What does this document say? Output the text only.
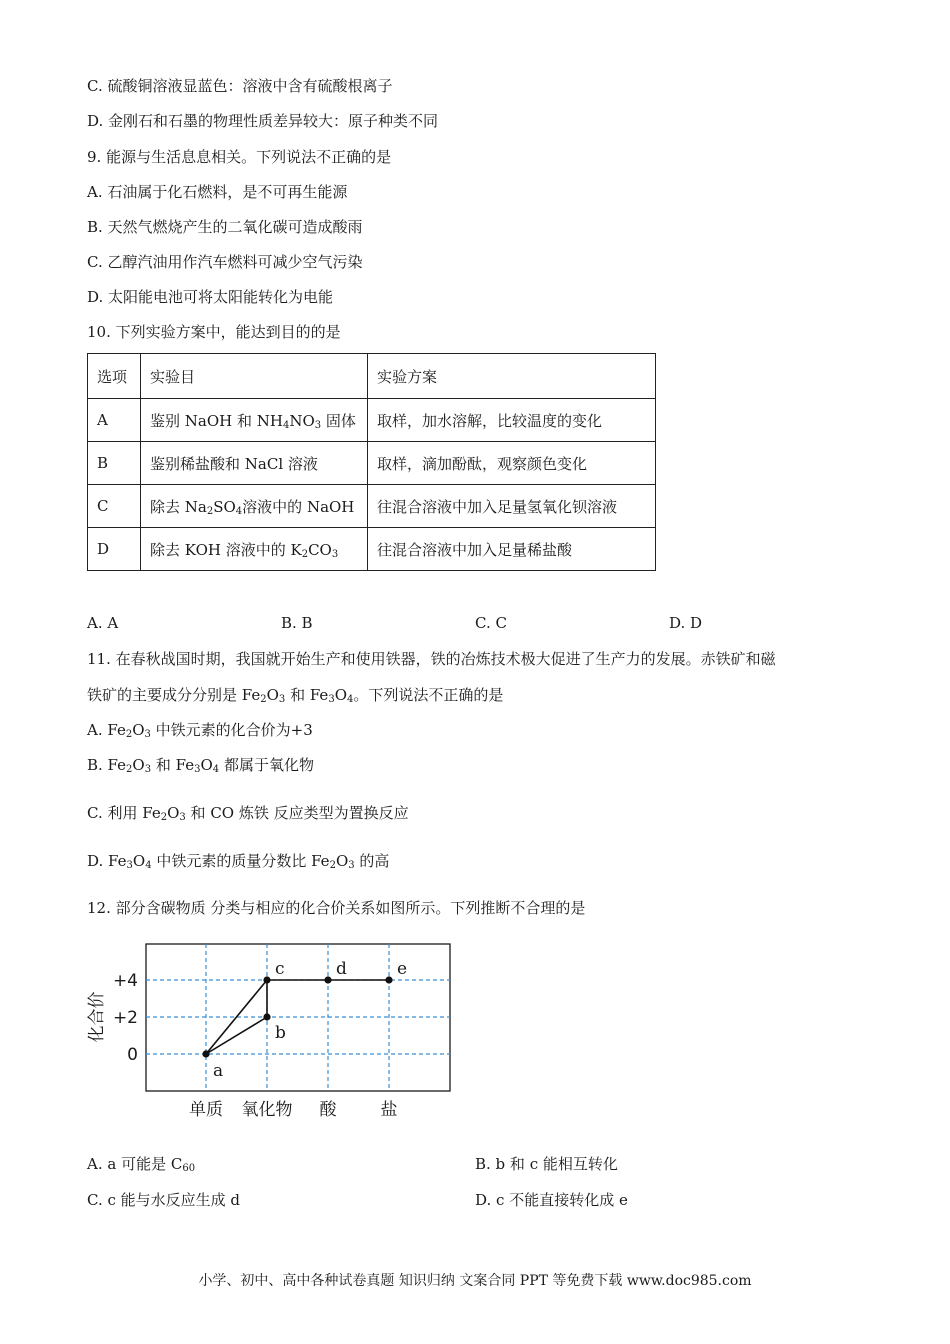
C. 硫酸铜溶液显蓝色：溶液中含有硫酸根离子
D. 金刚石和石墨的物理性质差异较大：原子种类不同
9. 能源与生活息息相关。下列说法不正确的是
A. 石油属于化石燃料，是不可再生能源
B. 天然气燃烧产生的二氧化碳可造成酸雨
C. 乙醇汽油用作汽车燃料可减少空气污染
D. 太阳能电池可将太阳能转化为电能
10. 下列实验方案中，能达到目的的是
选项	实验目	实验方案
A	鉴别 NaOH 和 $NH_4NO_3$ 固体	取样，加水溶解，比较温度的变化
B	鉴别稀盐酸和 NaCl 溶液	取样，滴加酚酞，观察颜色变化
C	除去 $Na_2SO_4$溶液中的 NaOH	往混合溶液中加入足量氢氧化钡溶液
D	除去 KOH 溶液中的 $K_2CO_3$	往混合溶液中加入足量稀盐酸
A. A	B. B	C. C	D. D
11. 在春秋战国时期，我国就开始生产和使用铁器，铁的冶炼技术极大促进了生产力的发展。赤铁矿和磁
铁矿的主要成分分别是 $Fe_2O_3$ 和 $Fe_3O_4$。下列说法不正确的是
A. $Fe_2O_3$ 中铁元素的化合价为+3
B. $Fe_2O_3$ 和 $Fe_3O_4$ 都属于氧化物
C. 利用 $Fe_2O_3$ 和 CO 炼铁 反应类型为置换反应
D. $Fe_3O_4$ 中铁元素的质量分数比 $Fe_2O_3$ 的高
12. 部分含碳物质 分类与相应的化合价关系如图所示。下列推断不合理的是
+4
+2
0
单质 氧化物 酸	盐
a
b
c	d	e
化合价
A. a 可能是 $C_{60}$	B. b 和 c 能相互转化
C. c 能与水反应生成 d	D. c 不能直接转化成 e
小学、初中、高中各种试卷真题 知识归纳 文案合同 PPT 等免费下载 www.doc985.com
